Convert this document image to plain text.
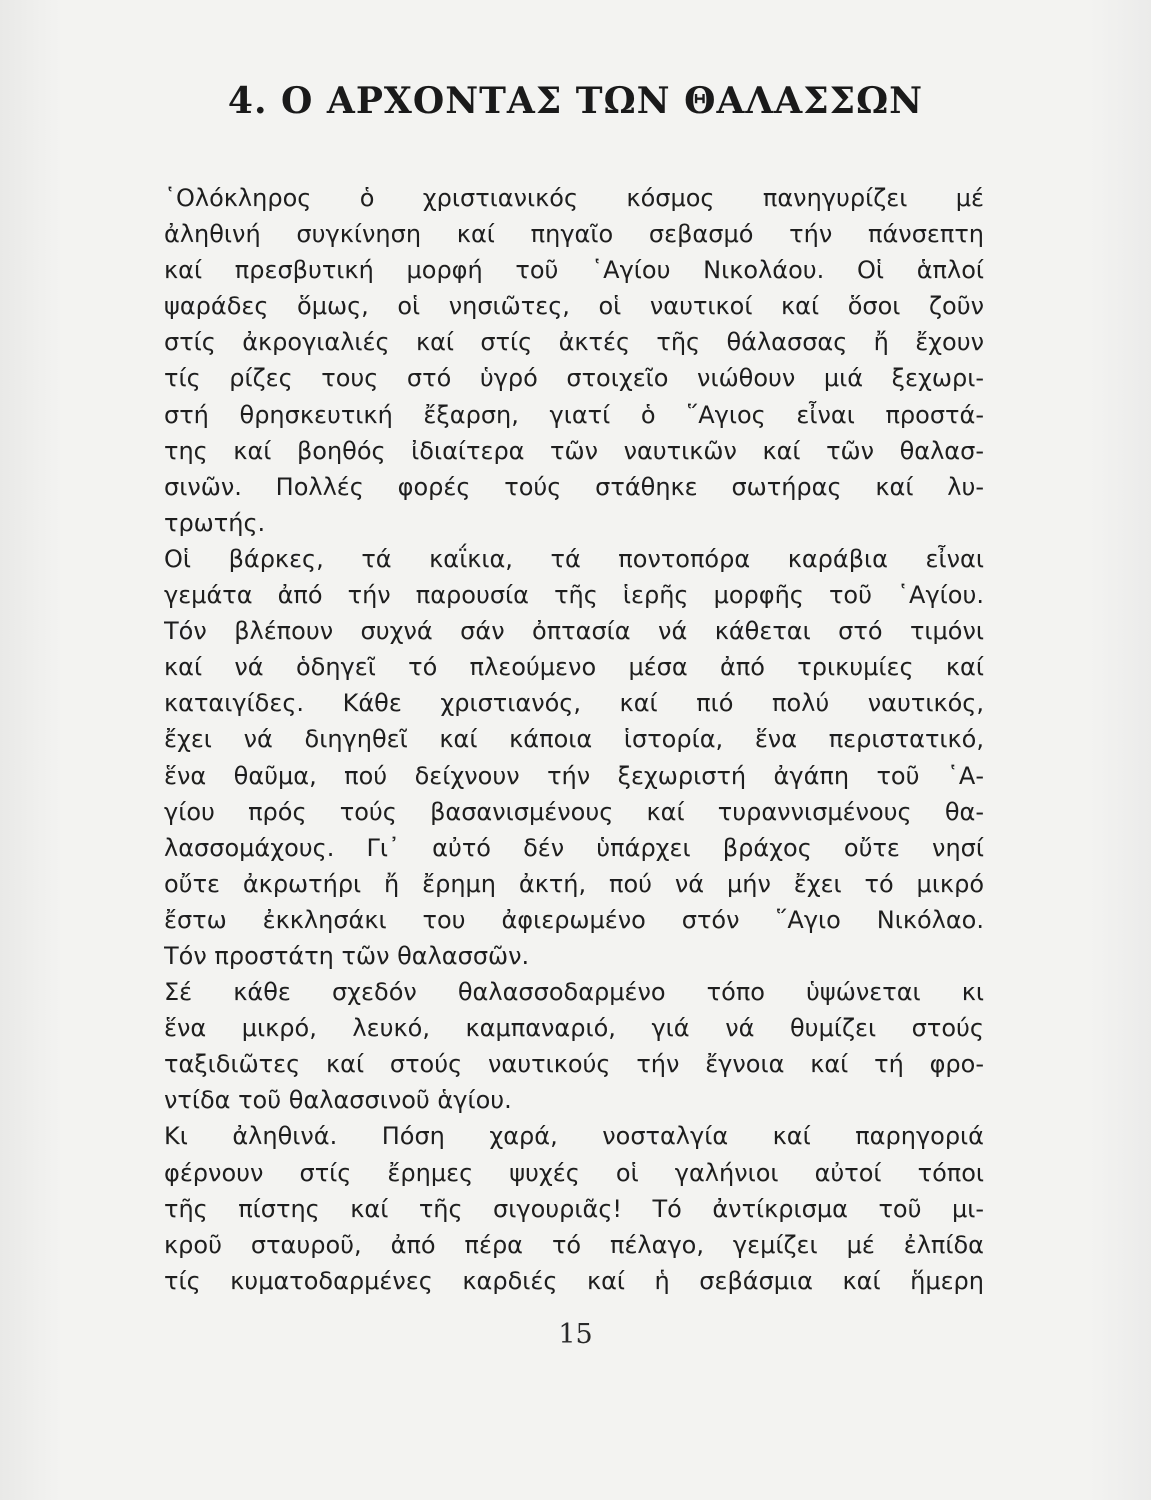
4. Ο ΑΡΧΟΝΤΑΣ ΤΩΝ ΘΑΛΑΣΣΩΝ
῾Ολόκληρος ὁ χριστιανικός κόσμος πανηγυρίζει μέ
ἀληθινή συγκίνηση καί πηγαῖο σεβασμό τήν πάνσεπτη
καί πρεσβυτική μορφή τοῦ ῾Αγίου Νικολάου. Οἱ ἁπλοί
ψαράδες ὅμως, οἱ νησιῶτες, οἱ ναυτικοί καί ὅσοι ζοῦν
στίς ἀκρογιαλιές καί στίς ἀκτές τῆς θάλασσας ἤ ἔχουν
τίς ρίζες τους στό ὑγρό στοιχεῖο νιώθουν μιά ξεχωρι-
στή θρησκευτική ἔξαρση, γιατί ὁ ῞Αγιος εἶναι προστά-
της καί βοηθός ἰδιαίτερα τῶν ναυτικῶν καί τῶν θαλασ-
σινῶν. Πολλές φορές τούς στάθηκε σωτήρας καί λυ-
τρωτής.
Οἱ βάρκες, τά καΐκια, τά ποντοπόρα καράβια εἶναι
γεμάτα ἀπό τήν παρουσία τῆς ἱερῆς μορφῆς τοῦ ῾Αγίου.
Τόν βλέπουν συχνά σάν ὀπτασία νά κάθεται στό τιμόνι
καί νά ὁδηγεῖ τό πλεούμενο μέσα ἀπό τρικυμίες καί
καταιγίδες. Κάθε χριστιανός, καί πιό πολύ ναυτικός,
ἔχει νά διηγηθεῖ καί κάποια ἱστορία, ἕνα περιστατικό,
ἕνα θαῦμα, πού δείχνουν τήν ξεχωριστή ἀγάπη τοῦ ῾Α-
γίου πρός τούς βασανισμένους καί τυραννισμένους θα-
λασσομάχους. Γι᾿ αὐτό δέν ὑπάρχει βράχος οὔτε νησί
οὔτε ἀκρωτήρι ἤ ἔρημη ἀκτή, πού νά μήν ἔχει τό μικρό
ἔστω ἐκκλησάκι του ἀφιερωμένο στόν ῞Αγιο Νικόλαο.
Τόν προστάτη τῶν θαλασσῶν.
Σέ κάθε σχεδόν θαλασσοδαρμένο τόπο ὑψώνεται κι
ἕνα μικρό, λευκό, καμπαναριό, γιά νά θυμίζει στούς
ταξιδιῶτες καί στούς ναυτικούς τήν ἔγνοια καί τή φρο-
ντίδα τοῦ θαλασσινοῦ ἁγίου.
Κι ἀληθινά. Πόση χαρά, νοσταλγία καί παρηγοριά
φέρνουν στίς ἔρημες ψυχές οἱ γαλήνιοι αὐτοί τόποι
τῆς πίστης καί τῆς σιγουριᾶς! Τό ἀντίκρισμα τοῦ μι-
κροῦ σταυροῦ, ἀπό πέρα τό πέλαγο, γεμίζει μέ ἐλπίδα
τίς κυματοδαρμένες καρδιές καί ἡ σεβάσμια καί ἥμερη
15
